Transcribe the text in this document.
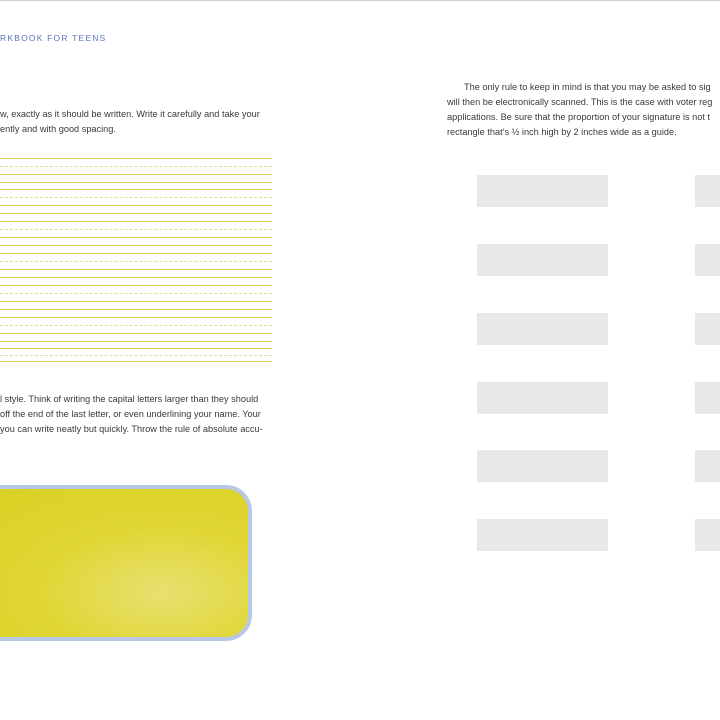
RKBOOK FOR TEENS

w, exactly as it should be written. Write it carefully and take your
ently and with good spacing.

l style. Think of writing the capital letters larger than they should
off the end of the last letter, or even underlining your name. Your
you can write neatly but quickly. Throw the rule of absolute accu-

The only rule to keep in mind is that you may be asked to sig
will then be electronically scanned. This is the case with voter reg
applications. Be sure that the proportion of your signature is not t
rectangle that’s ½ inch high by 2 inches wide as a guide.
